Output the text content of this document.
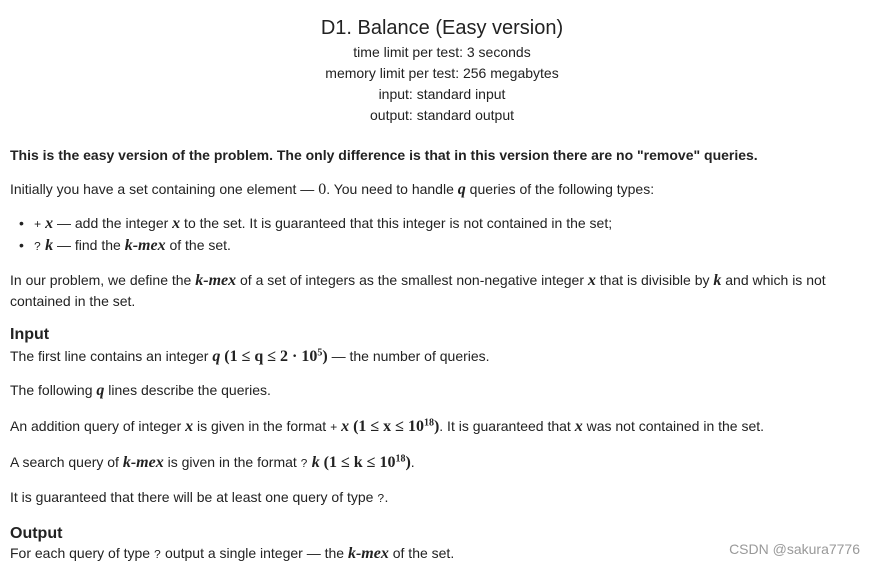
D1. Balance (Easy version)
time limit per test: 3 seconds
memory limit per test: 256 megabytes
input: standard input
output: standard output
This is the easy version of the problem. The only difference is that in this version there are no "remove" queries.
Initially you have a set containing one element — 0. You need to handle q queries of the following types:
• + x — add the integer x to the set. It is guaranteed that this integer is not contained in the set;
• ? k — find the k-mex of the set.
In our problem, we define the k-mex of a set of integers as the smallest non-negative integer x that is divisible by k and which is not
contained in the set.
Input
The first line contains an integer q $(1 \le q \le 2 \cdot 10^5)$ — the number of queries.
The following q lines describe the queries.
An addition query of integer x is given in the format + x $(1 \le x \le 10^{18})$. It is guaranteed that x was not contained in the set.
A search query of k-mex is given in the format ? k $(1 \le k \le 10^{18})$.
It is guaranteed that there will be at least one query of type ?.
Output
For each query of type ? output a single integer — the k-mex of the set.	CSDN @sakura7776
